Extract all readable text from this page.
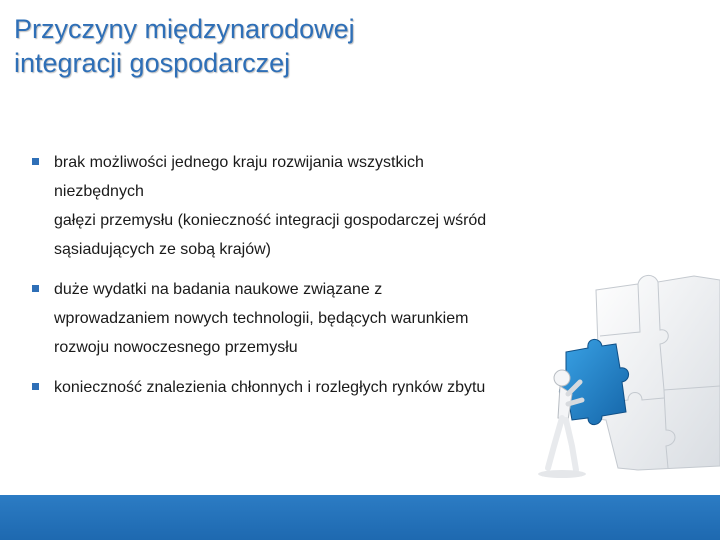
Przyczyny międzynarodowej
integracji gospodarczej
brak możliwości jednego kraju rozwijania wszystkich
niezbędnych
gałęzi przemysłu (konieczność integracji gospodarczej wśród
sąsiadujących ze sobą krajów)
duże wydatki na badania naukowe związane z
wprowadzaniem nowych technologii, będących warunkiem
rozwoju nowoczesnego przemysłu
konieczność znalezienia chłonnych i rozległych rynków zbytu
